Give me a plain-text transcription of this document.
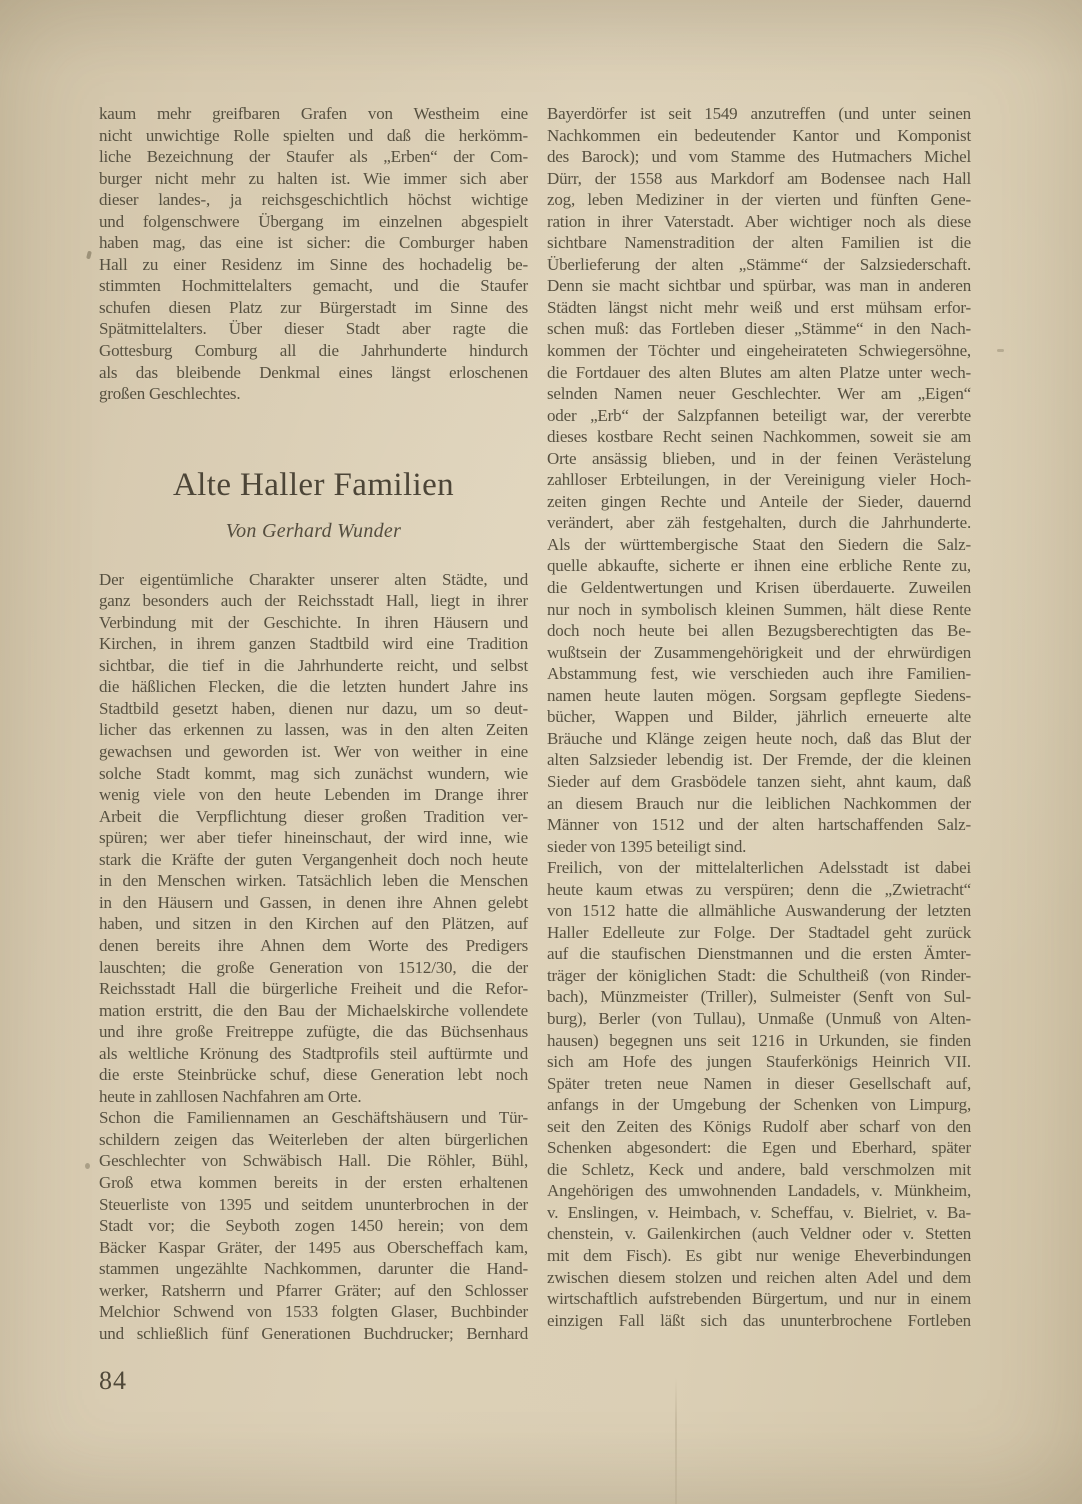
kaum mehr greifbaren Grafen von Westheim eine
nicht unwichtige Rolle spielten und daß die herkömm-
liche Bezeichnung der Staufer als „Erben“ der Com-
burger nicht mehr zu halten ist. Wie immer sich aber
dieser landes-, ja reichsgeschichtlich höchst wichtige
und folgenschwere Übergang im einzelnen abgespielt
haben mag, das eine ist sicher: die Comburger haben
Hall zu einer Residenz im Sinne des hochadelig be-
stimmten Hochmittelalters gemacht, und die Staufer
schufen diesen Platz zur Bürgerstadt im Sinne des
Spätmittelalters. Über dieser Stadt aber ragte die
Gottesburg Comburg all die Jahrhunderte hindurch
als das bleibende Denkmal eines längst erloschenen
großen Geschlechtes.
Alte Haller Familien
Von Gerhard Wunder
Der eigentümliche Charakter unserer alten Städte, und
ganz besonders auch der Reichsstadt Hall, liegt in ihrer
Verbindung mit der Geschichte. In ihren Häusern und
Kirchen, in ihrem ganzen Stadtbild wird eine Tradition
sichtbar, die tief in die Jahrhunderte reicht, und selbst
die häßlichen Flecken, die die letzten hundert Jahre ins
Stadtbild gesetzt haben, dienen nur dazu, um so deut-
licher das erkennen zu lassen, was in den alten Zeiten
gewachsen und geworden ist. Wer von weither in eine
solche Stadt kommt, mag sich zunächst wundern, wie
wenig viele von den heute Lebenden im Drange ihrer
Arbeit die Verpflichtung dieser großen Tradition ver-
spüren; wer aber tiefer hineinschaut, der wird inne, wie
stark die Kräfte der guten Vergangenheit doch noch heute
in den Menschen wirken. Tatsächlich leben die Menschen
in den Häusern und Gassen, in denen ihre Ahnen gelebt
haben, und sitzen in den Kirchen auf den Plätzen, auf
denen bereits ihre Ahnen dem Worte des Predigers
lauschten; die große Generation von 1512/30, die der
Reichsstadt Hall die bürgerliche Freiheit und die Refor-
mation erstritt, die den Bau der Michaelskirche vollendete
und ihre große Freitreppe zufügte, die das Büchsenhaus
als weltliche Krönung des Stadtprofils steil auftürmte und
die erste Steinbrücke schuf, diese Generation lebt noch
heute in zahllosen Nachfahren am Orte.
Schon die Familiennamen an Geschäftshäusern und Tür-
schildern zeigen das Weiterleben der alten bürgerlichen
Geschlechter von Schwäbisch Hall. Die Röhler, Bühl,
Groß etwa kommen bereits in der ersten erhaltenen
Steuerliste von 1395 und seitdem ununterbrochen in der
Stadt vor; die Seyboth zogen 1450 herein; von dem
Bäcker Kaspar Gräter, der 1495 aus Oberscheffach kam,
stammen ungezählte Nachkommen, darunter die Hand-
werker, Ratsherrn und Pfarrer Gräter; auf den Schlosser
Melchior Schwend von 1533 folgten Glaser, Buchbinder
und schließlich fünf Generationen Buchdrucker; Bernhard
Bayerdörfer ist seit 1549 anzutreffen (und unter seinen
Nachkommen ein bedeutender Kantor und Komponist
des Barock); und vom Stamme des Hutmachers Michel
Dürr, der 1558 aus Markdorf am Bodensee nach Hall
zog, leben Mediziner in der vierten und fünften Gene-
ration in ihrer Vaterstadt. Aber wichtiger noch als diese
sichtbare Namenstradition der alten Familien ist die
Überlieferung der alten „Stämme“ der Salzsiederschaft.
Denn sie macht sichtbar und spürbar, was man in anderen
Städten längst nicht mehr weiß und erst mühsam erfor-
schen muß: das Fortleben dieser „Stämme“ in den Nach-
kommen der Töchter und eingeheirateten Schwiegersöhne,
die Fortdauer des alten Blutes am alten Platze unter wech-
selnden Namen neuer Geschlechter. Wer am „Eigen“
oder „Erb“ der Salzpfannen beteiligt war, der vererbte
dieses kostbare Recht seinen Nachkommen, soweit sie am
Orte ansässig blieben, und in der feinen Verästelung
zahlloser Erbteilungen, in der Vereinigung vieler Hoch-
zeiten gingen Rechte und Anteile der Sieder, dauernd
verändert, aber zäh festgehalten, durch die Jahrhunderte.
Als der württembergische Staat den Siedern die Salz-
quelle abkaufte, sicherte er ihnen eine erbliche Rente zu,
die Geldentwertungen und Krisen überdauerte. Zuweilen
nur noch in symbolisch kleinen Summen, hält diese Rente
doch noch heute bei allen Bezugsberechtigten das Be-
wußtsein der Zusammengehörigkeit und der ehrwürdigen
Abstammung fest, wie verschieden auch ihre Familien-
namen heute lauten mögen. Sorgsam gepflegte Siedens-
bücher, Wappen und Bilder, jährlich erneuerte alte
Bräuche und Klänge zeigen heute noch, daß das Blut der
alten Salzsieder lebendig ist. Der Fremde, der die kleinen
Sieder auf dem Grasbödele tanzen sieht, ahnt kaum, daß
an diesem Brauch nur die leiblichen Nachkommen der
Männer von 1512 und der alten hartschaffenden Salz-
sieder von 1395 beteiligt sind.
Freilich, von der mittelalterlichen Adelsstadt ist dabei
heute kaum etwas zu verspüren; denn die „Zwietracht“
von 1512 hatte die allmähliche Auswanderung der letzten
Haller Edelleute zur Folge. Der Stadtadel geht zurück
auf die staufischen Dienstmannen und die ersten Ämter-
träger der königlichen Stadt: die Schultheiß (von Rinder-
bach), Münzmeister (Triller), Sulmeister (Senft von Sul-
burg), Berler (von Tullau), Unmaße (Unmuß von Alten-
hausen) begegnen uns seit 1216 in Urkunden, sie finden
sich am Hofe des jungen Stauferkönigs Heinrich VII.
Später treten neue Namen in dieser Gesellschaft auf,
anfangs in der Umgebung der Schenken von Limpurg,
seit den Zeiten des Königs Rudolf aber scharf von den
Schenken abgesondert: die Egen und Eberhard, später
die Schletz, Keck und andere, bald verschmolzen mit
Angehörigen des umwohnenden Landadels, v. Münkheim,
v. Enslingen, v. Heimbach, v. Scheffau, v. Bielriet, v. Ba-
chenstein, v. Gailenkirchen (auch Veldner oder v. Stetten
mit dem Fisch). Es gibt nur wenige Eheverbindungen
zwischen diesem stolzen und reichen alten Adel und dem
wirtschaftlich aufstrebenden Bürgertum, und nur in einem
einzigen Fall läßt sich das ununterbrochene Fortleben
84
